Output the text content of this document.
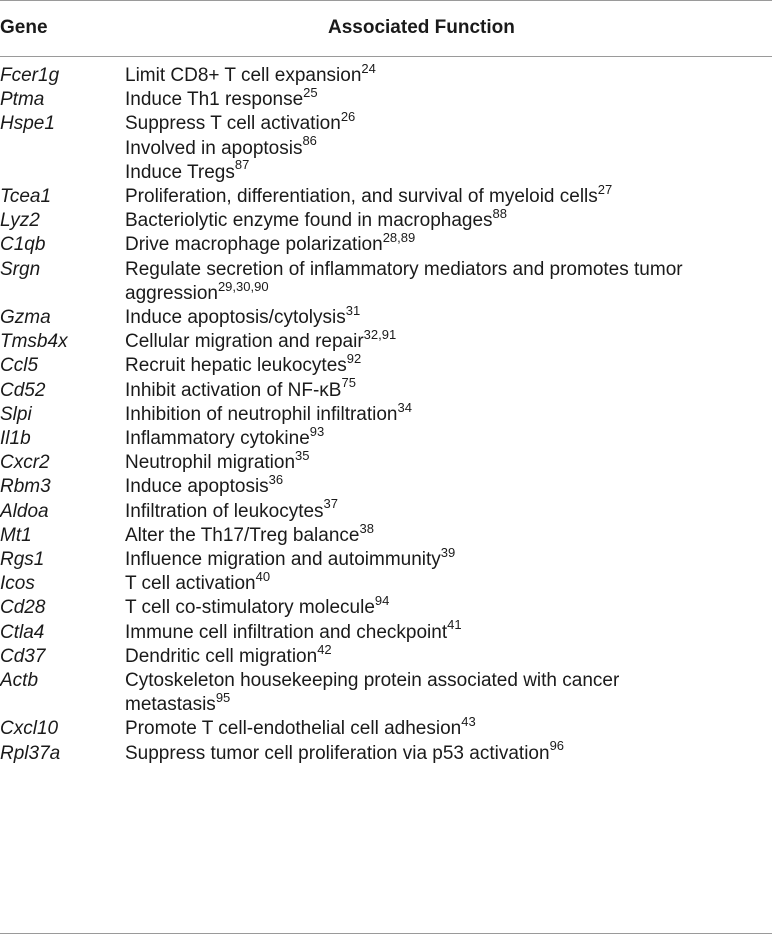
Gene	Associated Function
Fcer1g	Limit CD8+ T cell expansion$^{24}$
Ptma	Induce Th1 response$^{25}$
Hspe1	Suppress T cell activation$^{26}$
Involved in apoptosis$^{86}$
Induce Tregs$^{87}$
Tcea1	Proliferation, differentiation, and survival of myeloid cells$^{27}$
Lyz2	Bacteriolytic enzyme found in macrophages$^{88}$
C1qb	Drive macrophage polarization$^{28,89}$
Srgn	Regulate secretion of inflammatory mediators and promotes tumor
aggression$^{29,30,90}$
Gzma	Induce apoptosis/cytolysis$^{31}$
Tmsb4x	Cellular migration and repair$^{32,91}$
Ccl5	Recruit hepatic leukocytes$^{92}$
Cd52	Inhibit activation of $NF-\kappa B^{75}$
Slpi	Inhibition of neutrophil infiltration$^{34}$
Il1b	Inflammatory cytokine$^{93}$
Cxcr2	Neutrophil migration$^{35}$
Rbm3	Induce apoptosis$^{36}$
Aldoa	Infiltration of leukocytes$^{37}$
Mt1	Alter the Th17/Treg balance$^{38}$
Rgs1	Influence migration and autoimmunity$^{39}$
Icos	T cell activation$^{40}$
Cd28	T cell co-stimulatory molecule$^{94}$
Ctla4	Immune cell infiltration and checkpoint$^{41}$
Cd37	Dendritic cell migration$^{42}$
Actb	Cytoskeleton housekeeping protein associated with cancer
metastasis$^{95}$
Cxcl10	Promote T cell-endothelial cell adhesion$^{43}$
Rpl37a	Suppress tumor cell proliferation via p53 activation$^{96}$
